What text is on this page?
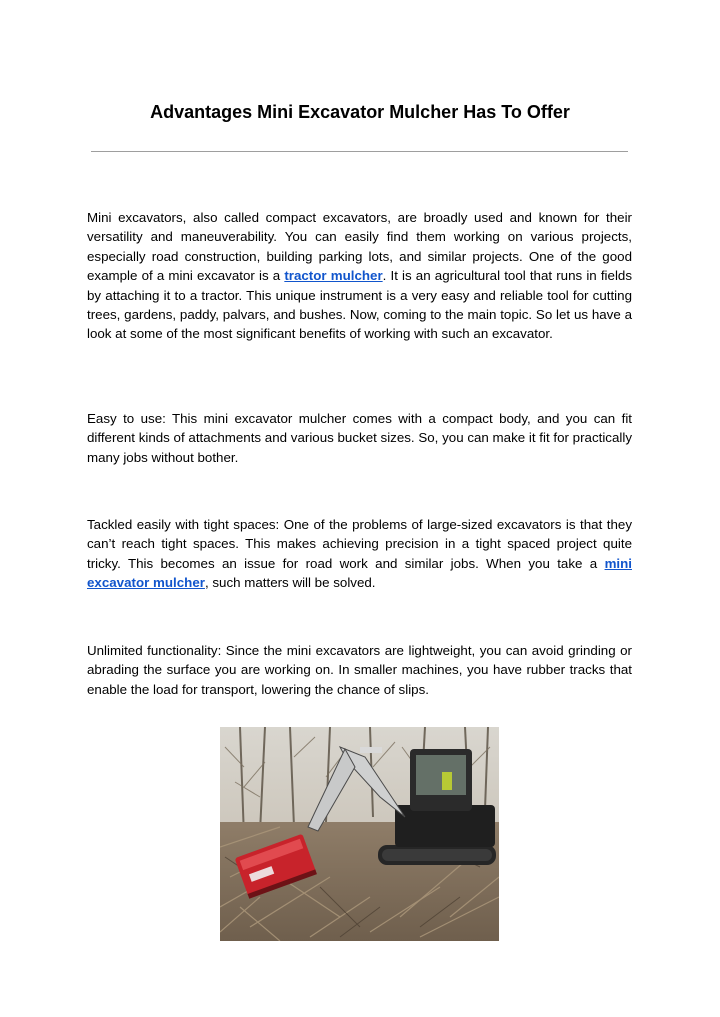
Advantages Mini Excavator Mulcher Has To Offer

Mini excavators, also called compact excavators, are broadly used and known for their versatility and maneuverability. You can easily find them working on various projects, especially road construction, building parking lots, and similar projects. One of the good example of a mini excavator is a tractor mulcher. It is an agricultural tool that runs in fields by attaching it to a tractor. This unique instrument is a very easy and reliable tool for cutting trees, gardens, paddy, palvars, and bushes. Now, coming to the main topic. So let us have a look at some of the most significant benefits of working with such an excavator.

Easy to use: This mini excavator mulcher comes with a compact body, and you can fit different kinds of attachments and various bucket sizes. So, you can make it fit for practically many jobs without bother.

Tackled easily with tight spaces: One of the problems of large-sized excavators is that they can’t reach tight spaces. This makes achieving precision in a tight spaced project quite tricky. This becomes an issue for road work and similar jobs. When you take a mini excavator mulcher, such matters will be solved.

Unlimited functionality: Since the mini excavators are lightweight, you can avoid grinding or abrading the surface you are working on. In smaller machines, you have rubber tracks that enable the load for transport, lowering the chance of slips.
